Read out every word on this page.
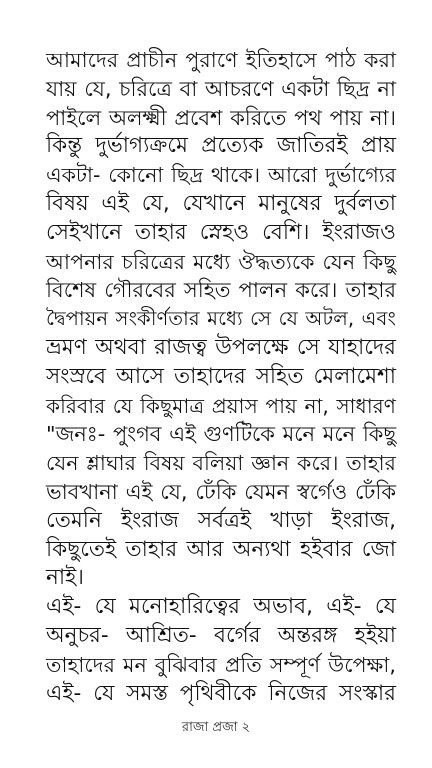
আমাদের প্রাচীন পুরাণে ইতিহাসে পাঠ করা
যায় যে, চরিত্রে বা আচরণে একটা ছিদ্র না
পাইলে অলক্ষ্মী প্রবেশ করিতে পথ পায় না।
কিন্তু দুর্ভাগ্যক্রমে প্রত্যেক জাতিরই প্রায়
একটা- কোনো ছিদ্র থাকে। আরো দুর্ভাগ্যের
বিষয় এই যে, যেখানে মানুষের দুর্বলতা
সেইখানে তাহার স্নেহও বেশি। ইংরাজও
আপনার চরিত্রের মধ্যে ঔদ্ধত্যকে যেন কিছু
বিশেষ গৌরবের সহিত পালন করে। তাহার
দ্বৈপায়ন সংকীর্ণতার মধ্যে সে যে অটল, এবং
ভ্রমণ অথবা রাজত্ব উপলক্ষে সে যাহাদের
সংস্রবে আসে তাহাদের সহিত মেলামেশা
করিবার যে কিছুমাত্র প্রয়াস পায় না, সাধারণ
"জনঃ- পুংগব এই গুণটিকে মনে মনে কিছু
যেন শ্লাঘার বিষয় বলিয়া জ্ঞান করে। তাহার
ভাবখানা এই যে, ঢেঁকি যেমন স্বর্গেও ঢেঁকি
তেমনি ইংরাজ সর্বত্রই খাড়া ইংরাজ,
কিছুতেই তাহার আর অন্যথা হইবার জো
নাই।
এই- যে মনোহারিত্বের অভাব, এই- যে
অনুচর- আশ্রিত- বর্গের অন্তরঙ্গ হইয়া
তাহাদের মন বুঝিবার প্রতি সম্পূর্ণ উপেক্ষা,
এই- যে সমস্ত পৃথিবীকে নিজের সংস্কার
রাজা প্রজা ২
